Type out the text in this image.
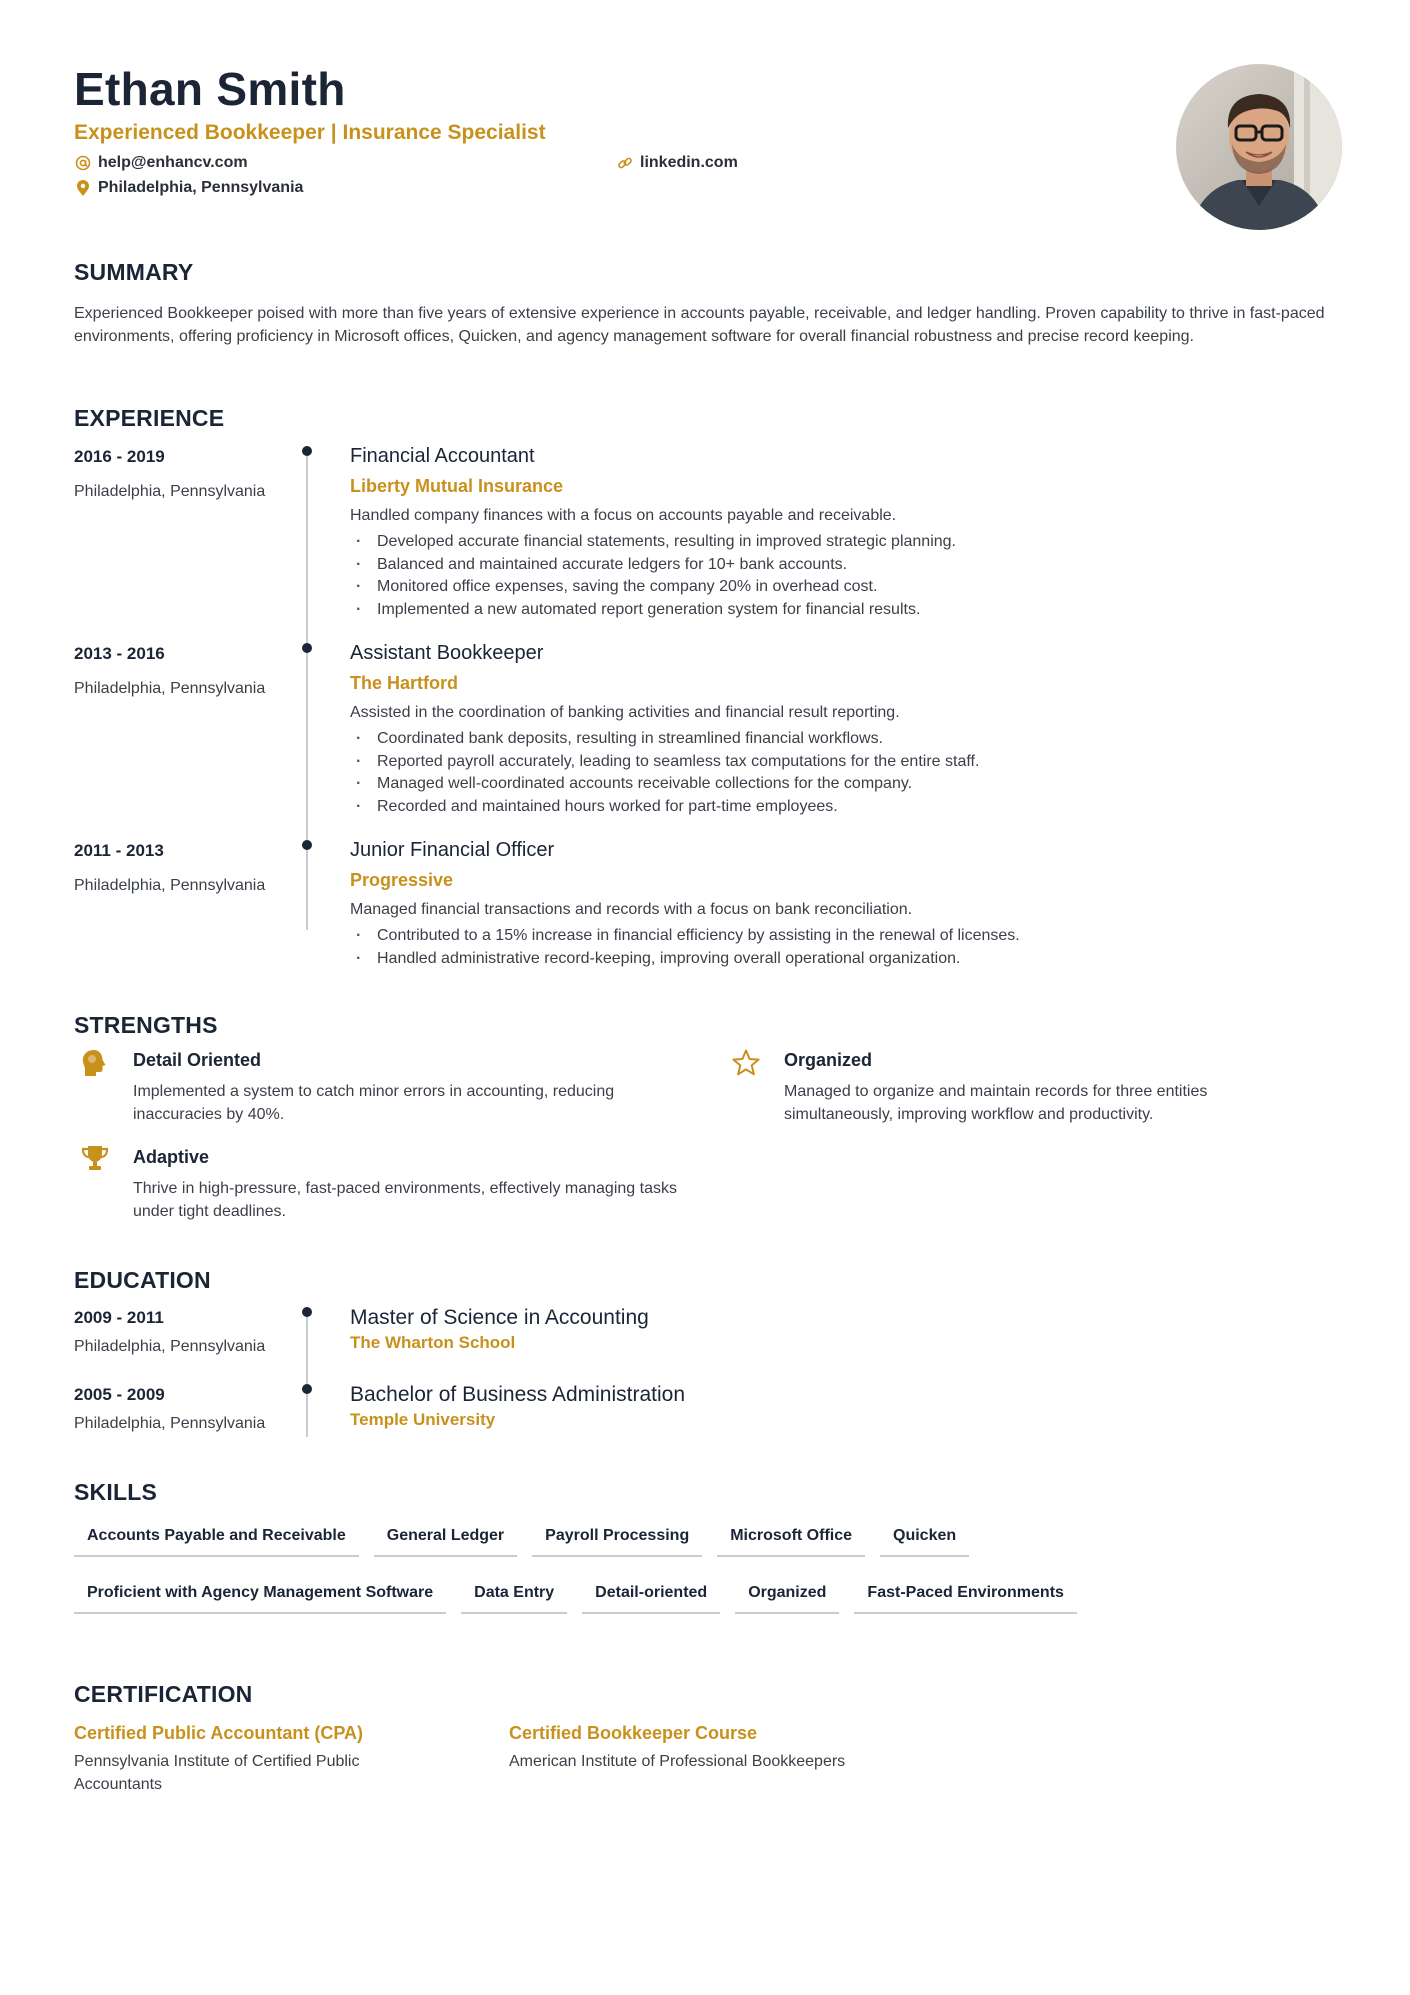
Ethan Smith
Experienced Bookkeeper | Insurance Specialist
help@enhancv.com	linkedin.com
Philadelphia, Pennsylvania
SUMMARY
Experienced Bookkeeper poised with more than five years of extensive experience in accounts payable, receivable, and ledger handling. Proven capability to thrive in fast-paced environments, offering proficiency in Microsoft offices, Quicken, and agency management software for overall financial robustness and precise record keeping.
EXPERIENCE
2016 - 2019
Philadelphia, Pennsylvania
Financial Accountant
Liberty Mutual Insurance
Handled company finances with a focus on accounts payable and receivable.
· Developed accurate financial statements, resulting in improved strategic planning.
· Balanced and maintained accurate ledgers for 10+ bank accounts.
· Monitored office expenses, saving the company 20% in overhead cost.
· Implemented a new automated report generation system for financial results.
2013 - 2016
Philadelphia, Pennsylvania
Assistant Bookkeeper
The Hartford
Assisted in the coordination of banking activities and financial result reporting.
· Coordinated bank deposits, resulting in streamlined financial workflows.
· Reported payroll accurately, leading to seamless tax computations for the entire staff.
· Managed well-coordinated accounts receivable collections for the company.
· Recorded and maintained hours worked for part-time employees.
2011 - 2013
Philadelphia, Pennsylvania
Junior Financial Officer
Progressive
Managed financial transactions and records with a focus on bank reconciliation.
· Contributed to a 15% increase in financial efficiency by assisting in the renewal of licenses.
· Handled administrative record-keeping, improving overall operational organization.
STRENGTHS
Detail Oriented
Implemented a system to catch minor errors in accounting, reducing inaccuracies by 40%.
Organized
Managed to organize and maintain records for three entities simultaneously, improving workflow and productivity.
Adaptive
Thrive in high-pressure, fast-paced environments, effectively managing tasks under tight deadlines.
EDUCATION
2009 - 2011
Philadelphia, Pennsylvania
Master of Science in Accounting
The Wharton School
2005 - 2009
Philadelphia, Pennsylvania
Bachelor of Business Administration
Temple University
SKILLS
Accounts Payable and Receivable	General Ledger	Payroll Processing	Microsoft Office	Quicken
Proficient with Agency Management Software	Data Entry	Detail-oriented	Organized	Fast-Paced Environments
CERTIFICATION
Certified Public Accountant (CPA)
Pennsylvania Institute of Certified Public Accountants
Certified Bookkeeper Course
American Institute of Professional Bookkeepers
